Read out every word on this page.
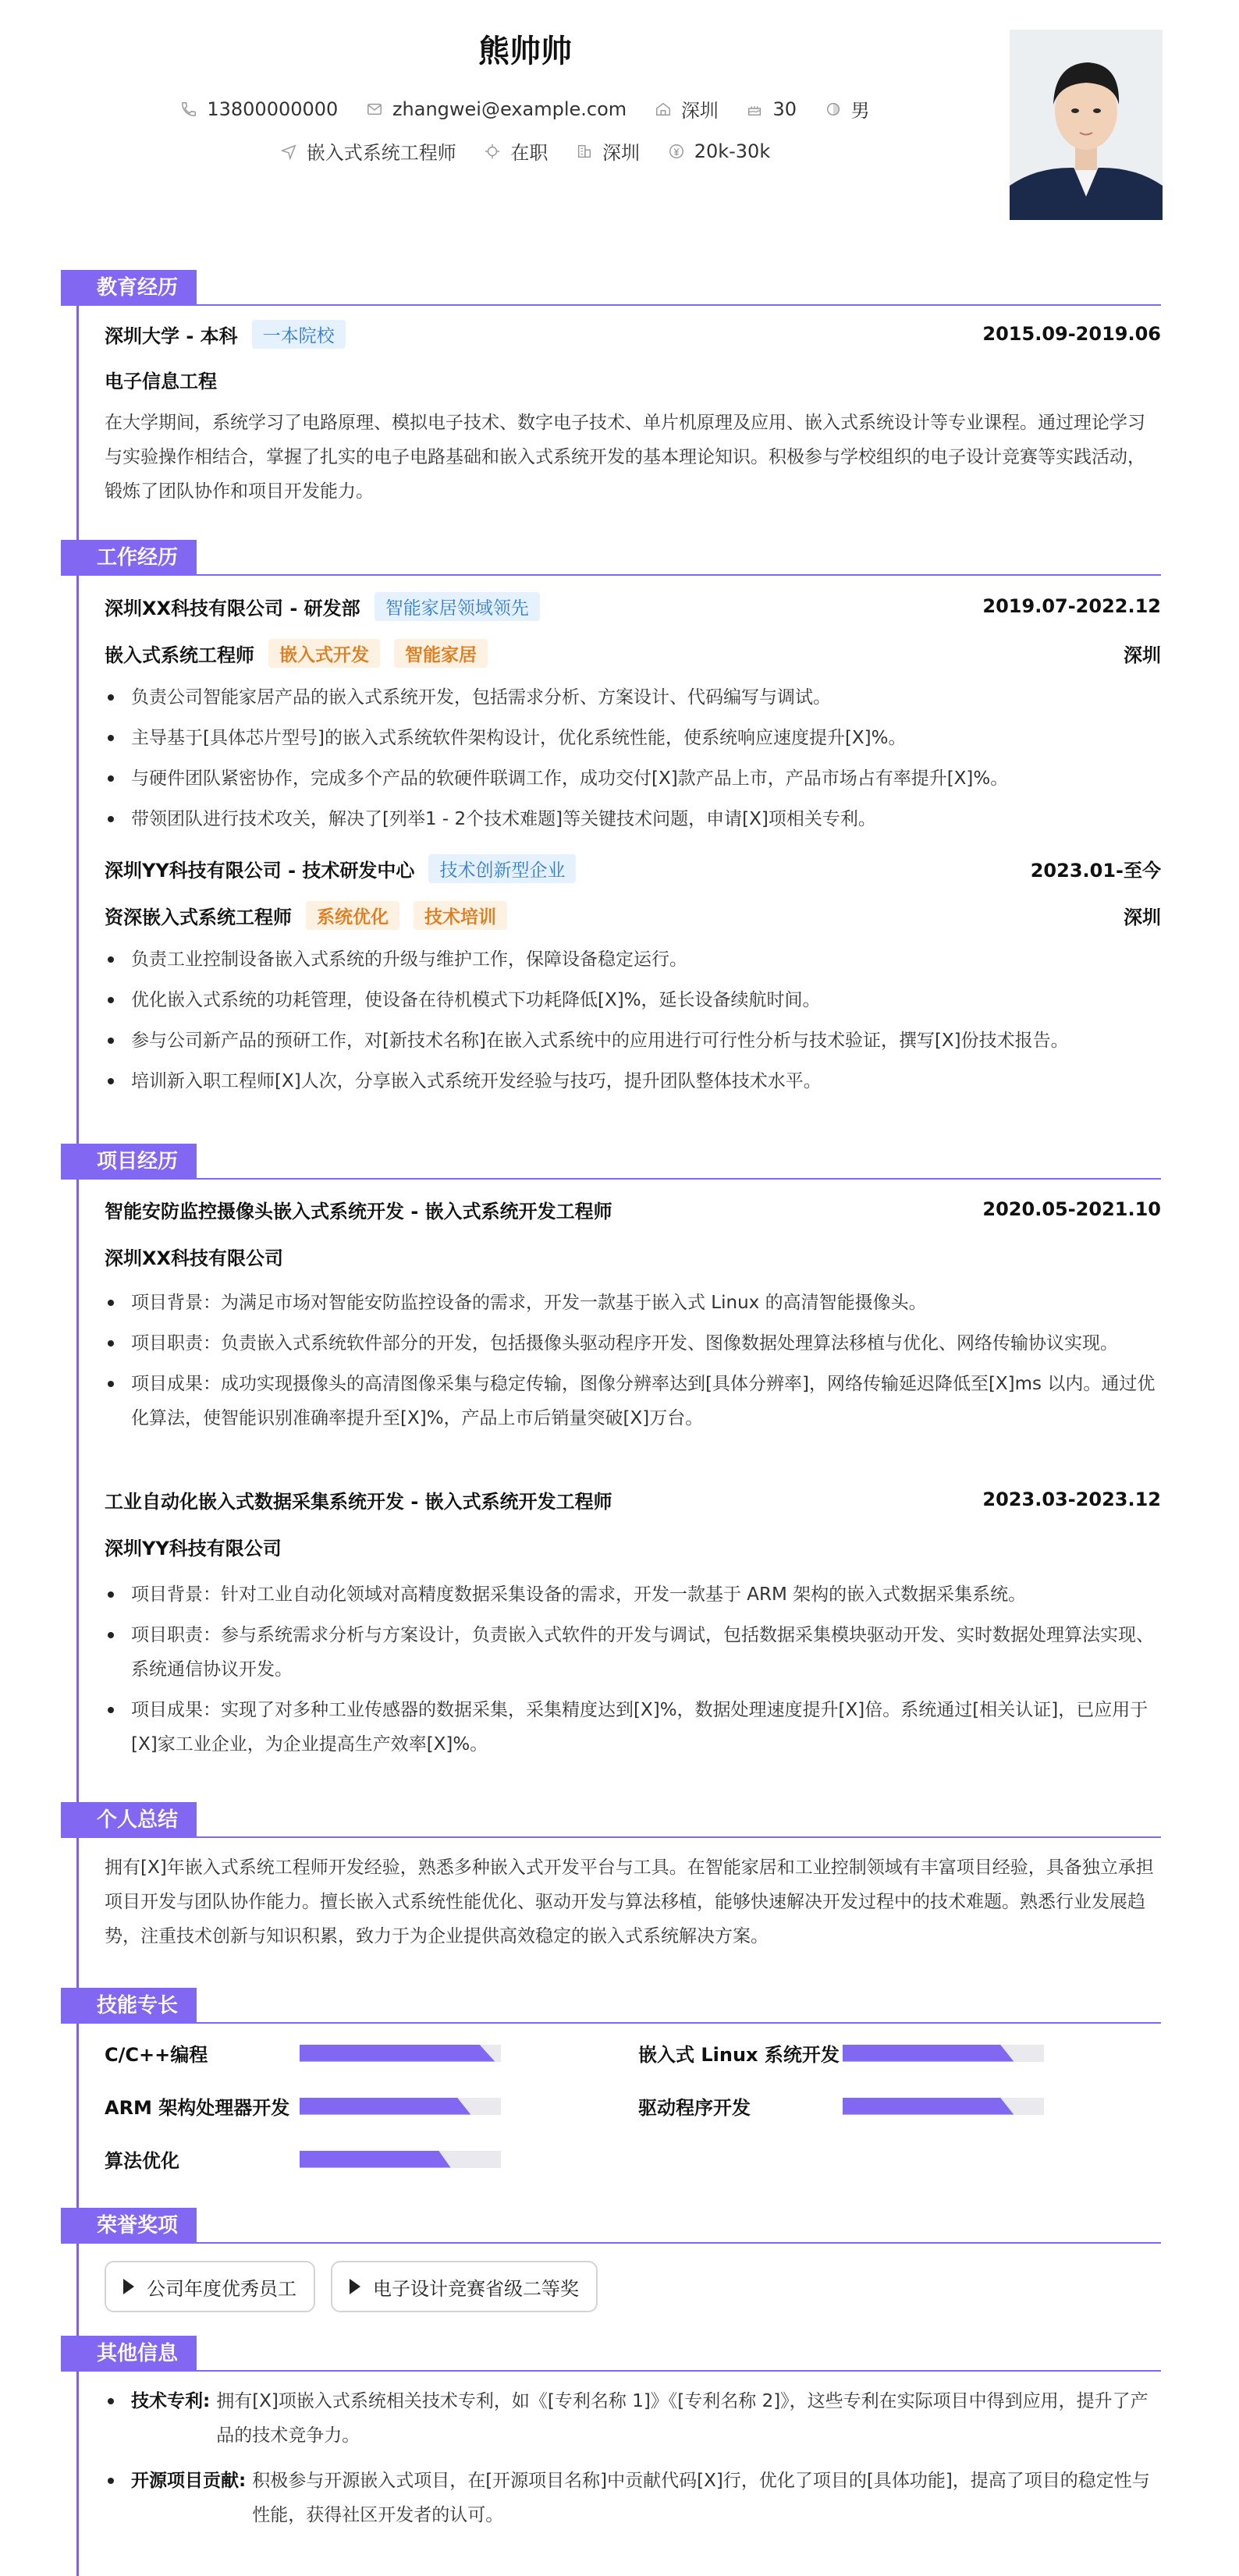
熊帅帅
13800000000
	zhangwei@example.com
	深圳
	30
	男
嵌入式系统工程师
	在职
	深圳
	20k-30k
教育经历
深圳大学 - 本科	一本院校	2015.09-2019.06
电子信息工程
在大学期间，系统学习了电路原理、模拟电子技术、数字电子技术、单片机原理及应用、嵌入式系统设计等专业课程。通过理论学习与实验操作相结合，掌握了扎实的电子电路基础和嵌入式系统开发的基本理论知识。积极参与学校组织的电子设计竞赛等实践活动，锻炼了团队协作和项目开发能力。
工作经历
深圳XX科技有限公司 - 研发部	智能家居领域领先	2019.07-2022.12
嵌入式系统工程师	嵌入式开发	智能家居	深圳
负责公司智能家居产品的嵌入式系统开发，包括需求分析、方案设计、代码编写与调试。
主导基于[具体芯片型号]的嵌入式系统软件架构设计，优化系统性能，使系统响应速度提升[X]%。
与硬件团队紧密协作，完成多个产品的软硬件联调工作，成功交付[X]款产品上市，产品市场占有率提升[X]%。
带领团队进行技术攻关，解决了[列举1 - 2个技术难题]等关键技术问题，申请[X]项相关专利。
深圳YY科技有限公司 - 技术研发中心	技术创新型企业	2023.01-至今
资深嵌入式系统工程师	系统优化	技术培训	深圳
负责工业控制设备嵌入式系统的升级与维护工作，保障设备稳定运行。
优化嵌入式系统的功耗管理，使设备在待机模式下功耗降低[X]%，延长设备续航时间。
参与公司新产品的预研工作，对[新技术名称]在嵌入式系统中的应用进行可行性分析与技术验证，撰写[X]份技术报告。
培训新入职工程师[X]人次，分享嵌入式系统开发经验与技巧，提升团队整体技术水平。
项目经历
智能安防监控摄像头嵌入式系统开发 - 嵌入式系统开发工程师	2020.05-2021.10
深圳XX科技有限公司
项目背景：为满足市场对智能安防监控设备的需求，开发一款基于嵌入式 Linux 的高清智能摄像头。
项目职责：负责嵌入式系统软件部分的开发，包括摄像头驱动程序开发、图像数据处理算法移植与优化、网络传输协议实现。
项目成果：成功实现摄像头的高清图像采集与稳定传输，图像分辨率达到[具体分辨率]，网络传输延迟降低至[X]ms 以内。通过优化算法，使智能识别准确率提升至[X]%，产品上市后销量突破[X]万台。
工业自动化嵌入式数据采集系统开发 - 嵌入式系统开发工程师	2023.03-2023.12
深圳YY科技有限公司
项目背景：针对工业自动化领域对高精度数据采集设备的需求，开发一款基于 ARM 架构的嵌入式数据采集系统。
项目职责：参与系统需求分析与方案设计，负责嵌入式软件的开发与调试，包括数据采集模块驱动开发、实时数据处理算法实现、系统通信协议开发。
项目成果：实现了对多种工业传感器的数据采集，采集精度达到[X]%，数据处理速度提升[X]倍。系统通过[相关认证]，已应用于[X]家工业企业，为企业提高生产效率[X]%。
个人总结
拥有[X]年嵌入式系统工程师开发经验，熟悉多种嵌入式开发平台与工具。在智能家居和工业控制领域有丰富项目经验，具备独立承担项目开发与团队协作能力。擅长嵌入式系统性能优化、驱动开发与算法移植，能够快速解决开发过程中的技术难题。熟悉行业发展趋势，注重技术创新与知识积累，致力于为企业提供高效稳定的嵌入式系统解决方案。
技能专长
C/C++编程	嵌入式 Linux 系统开发
ARM 架构处理器开发	驱动程序开发
算法优化
荣誉奖项
公司年度优秀员工	电子设计竞赛省级二等奖
其他信息
技术专利: 拥有[X]项嵌入式系统相关技术专利，如《[专利名称 1]》《[专利名称 2]》，这些专利在实际项目中得到应用，提升了产品的技术竞争力。
开源项目贡献: 积极参与开源嵌入式项目，在[开源项目名称]中贡献代码[X]行，优化了项目的[具体功能]，提高了项目的稳定性与性能，获得社区开发者的认可。
